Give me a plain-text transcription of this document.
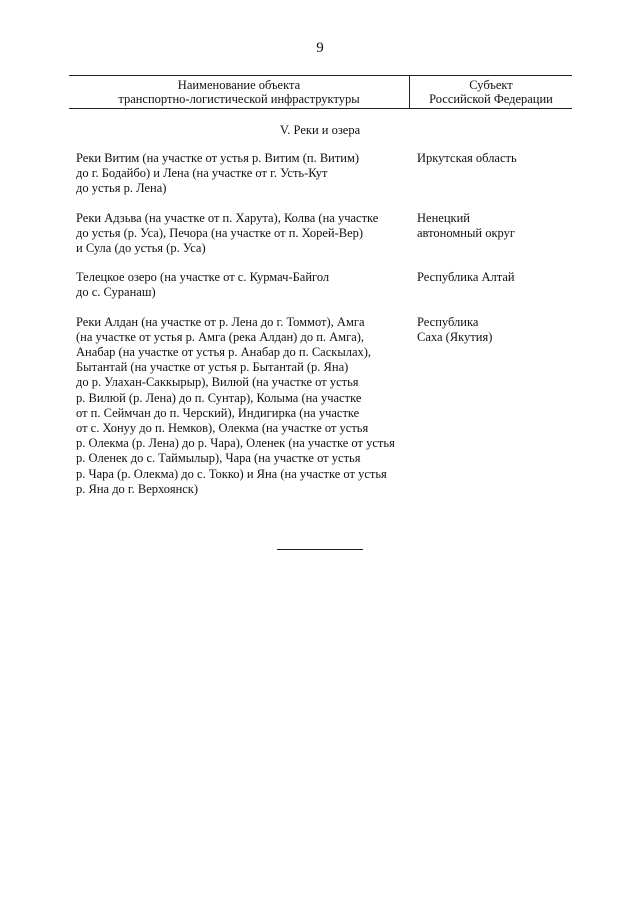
9
Наименование объекта
транспортно-логистической инфраструктуры
Субъект
Российской Федерации
V. Реки и озера
Реки Витим (на участке от устья р. Витим (п. Витим)
до г. Бодайбо) и Лена (на участке от г. Усть-Кут
до устья р. Лена)
Иркутская область
Реки Адзьва (на участке от п. Харута), Колва (на участке
до устья (р. Уса), Печора (на участке от п. Хорей-Вер)
и Сула (до устья (р. Уса)
Ненецкий
автономный округ
Телецкое озеро (на участке от с. Курмач-Байгол
до с. Суранаш)
Республика Алтай
Реки Алдан (на участке от р. Лена до г. Томмот), Амга
(на участке от устья р. Амга (река Алдан) до п. Амга),
Анабар (на участке от устья р. Анабар до п. Саскылах),
Бытантай (на участке от устья р. Бытантай (р. Яна)
до р. Улахан-Саккырыр), Вилюй (на участке от устья
р. Вилюй (р. Лена) до п. Сунтар), Колыма (на участке
от п. Сеймчан до п. Черский), Индигирка (на участке
от с. Хонуу до п. Немков), Олекма (на участке от устья
р. Олекма (р. Лена) до р. Чара), Оленек (на участке от устья
р. Оленек до с. Таймылыр), Чара (на участке от устья
р. Чара (р. Олекма) до с. Токко) и Яна (на участке от устья
р. Яна до г. Верхоянск)
Республика
Саха (Якутия)
